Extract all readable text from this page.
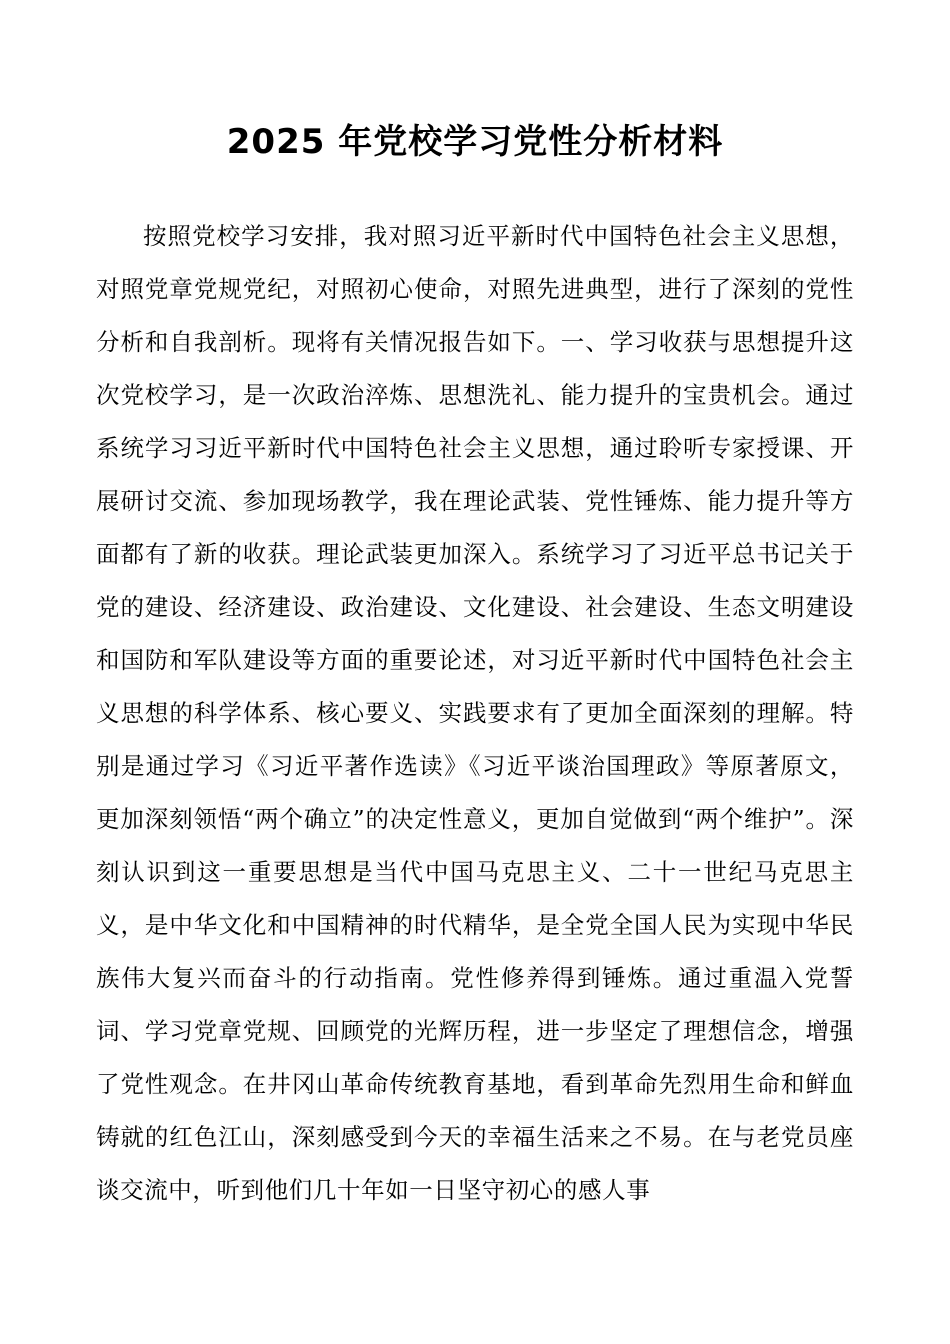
2025 年党校学习党性分析材料

按照党校学习安排，我对照习近平新时代中国特色社会主义思想，对照党章党规党纪，对照初心使命，对照先进典型，进行了深刻的党性分析和自我剖析。现将有关情况报告如下。一、学习收获与思想提升这次党校学习，是一次政治淬炼、思想洗礼、能力提升的宝贵机会。通过系统学习习近平新时代中国特色社会主义思想，通过聆听专家授课、开展研讨交流、参加现场教学，我在理论武装、党性锤炼、能力提升等方面都有了新的收获。理论武装更加深入。系统学习了习近平总书记关于党的建设、经济建设、政治建设、文化建设、社会建设、生态文明建设和国防和军队建设等方面的重要论述，对习近平新时代中国特色社会主义思想的科学体系、核心要义、实践要求有了更加全面深刻的理解。特别是通过学习《习近平著作选读》《习近平谈治国理政》等原著原文，更加深刻领悟“两个确立”的决定性意义，更加自觉做到“两个维护”。深刻认识到这一重要思想是当代中国马克思主义、二十一世纪马克思主义，是中华文化和中国精神的时代精华，是全党全国人民为实现中华民族伟大复兴而奋斗的行动指南。党性修养得到锤炼。通过重温入党誓词、学习党章党规、回顾党的光辉历程，进一步坚定了理想信念，增强了党性观念。在井冈山革命传统教育基地，看到革命先烈用生命和鲜血铸就的红色江山，深刻感受到今天的幸福生活来之不易。在与老党员座谈交流中，听到他们几十年如一日坚守初心的感人事
